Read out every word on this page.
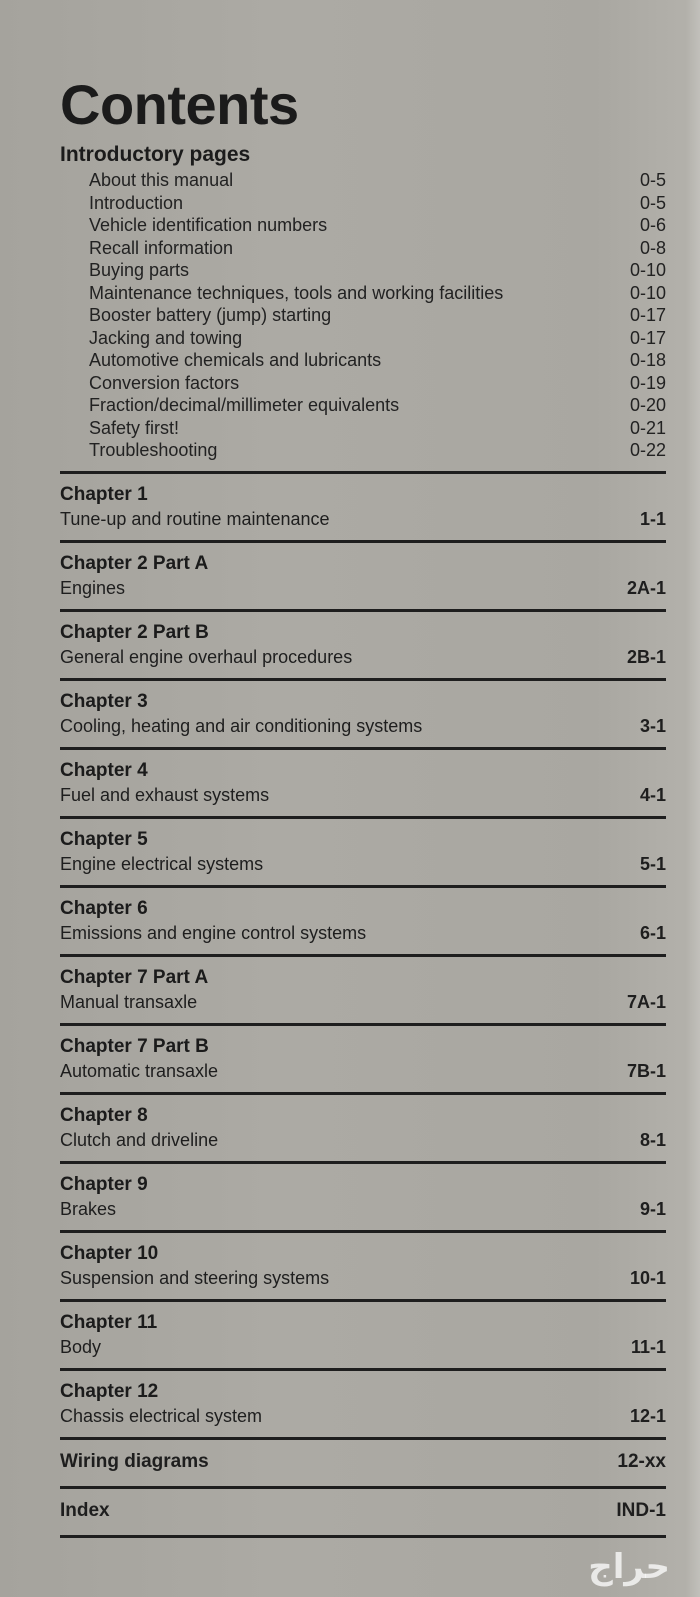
Contents
Introductory pages
About this manual	0-5
Introduction	0-5
Vehicle identification numbers	0-6
Recall information	0-8
Buying parts	0-10
Maintenance techniques, tools and working facilities	0-10
Booster battery (jump) starting	0-17
Jacking and towing	0-17
Automotive chemicals and lubricants	0-18
Conversion factors	0-19
Fraction/decimal/millimeter equivalents	0-20
Safety first!	0-21
Troubleshooting	0-22
Chapter 1
Tune-up and routine maintenance	1-1
Chapter 2 Part A
Engines	2A-1
Chapter 2 Part B
General engine overhaul procedures	2B-1
Chapter 3
Cooling, heating and air conditioning systems	3-1
Chapter 4
Fuel and exhaust systems	4-1
Chapter 5
Engine electrical systems	5-1
Chapter 6
Emissions and engine control systems	6-1
Chapter 7 Part A
Manual transaxle	7A-1
Chapter 7 Part B
Automatic transaxle	7B-1
Chapter 8
Clutch and driveline	8-1
Chapter 9
Brakes	9-1
Chapter 10
Suspension and steering systems	10-1
Chapter 11
Body	11-1
Chapter 12
Chassis electrical system	12-1
Wiring diagrams	12-xx
Index	IND-1
حراج
